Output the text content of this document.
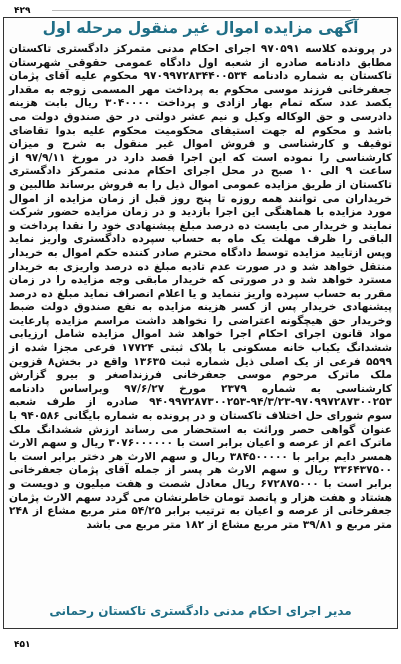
۴۲۹
آگهی مزایده اموال غیر منقول مرحله اول
در پرونده کلاسه ۹۷۰۵۹۱ اجرای احکام مدنی متمرکز دادگستری تاکستان مطابق دادنامه صادره از شعبه اول دادگاه عمومی حقوقی شهرستان تاکستان به شماره دادنامه ۹۷۰۹۹۷۲۸۳۴۴۰۰۵۳۴ محکوم علیه آقای پژمان جعفرخانی فرزند موسی محکوم به پرداخت مهر المسمی زوجه به مقدار یکصد عدد سکه تمام بهار ازادی و پرداخت ۳۰۴۰۰۰۰ ریال بابت هزینه دادرسی و حق الوکاله وکیل و نیم عشر دولتی در حق صندوق دولت می باشد و محکوم له جهت استیفای محکومیت محکوم علیه بدوا تقاضای توقیف و کارشناسی و فروش اموال غیر منقول به شرح و میزان کارشناسی را نموده است که این اجرا قصد دارد در مورخ ۹۷/۹/۱۱ از ساعت ۹ الی ۱۰ صبح در محل اجرای احکام مدنی متمرکز دادگستری تاکستان از طریق مزایده عمومی اموال ذیل را به فروش برساند طالبین و خریداران می توانند همه روزه تا پنج روز قبل از زمان مزایده از اموال مورد مزایده با هماهنگی این اجرا بازدید و در زمان مزایده حضور شرکت نمایند و خریدار می بایست ده درصد مبلغ پیشنهادی خود را نقدا پرداخت و الباقی را ظرف مهلت یک ماه به حساب سپرده دادگستری واریز نماید وپس ازتایید مزایده توسط دادگاه محترم صادر کننده حکم اموال به خریدار منتقل خواهد شد و در صورت عدم تادیه مبلغ ده درصد واریزی به خریدار مسترد خواهد شد و در صورتی که خریدار مابقی وجه مزایده را در زمان مقرر به حساب سپرده واریز ننماید و یا اعلام انصراف نماید مبلغ ده درصد پیشنهادی خریدار پس از کسر هزینه مزایده به نفع صندوق دولت ضبط وخریدار حق هیچگونه اعتراضی را نخواهد داشت مراسم مزایده پارعایت مواد قانون اجرای احکام اجرا خواهد شد اموال مزایده شامل ارزیابی ششدانگ یکباب خانه مسکونی با پلاک ثبتی ۱۷۷۲۴ فرعی مجزا شده از ۵۵۹۹ فرعی از یک اصلی ذیل شماره ثبت ۱۳۶۳۵ واقع در بخش۸ قزوین ملک ماترک مرحوم موسی جعفرخانی فرزنداصغر و بیرو گزارش کارشناسی به شماره ۲۳۷۹ مورخ ۹۷/۶/۲۷ وبراساس دادنامه ۹۷۰۹۹۷۲۸۷۳۰۰۲۵۳-۹۴/۳/۲۳-۹۴۰۹۹۷۲۸۷۳۰۰۲۵۳ صادره از طرف شعبه سوم شورای حل اختلاف تاکستان و در پرونده به شماره بایگانی ۹۴۰۵۸۶ با عنوان گواهی حصر وراثت به استحضار می رساند ارزش ششدانگ ملک ماترک اعم از عرصه و اعیان برابر است با ۳۰۷۶۰۰۰۰۰۰ ریال و سهم الارث همسر دایم برابر با ۳۸۴۵۰۰۰۰۰ ریال و سهم الارث هر دختر برابر است با ۳۳۶۴۳۷۵۰۰ ریال و سهم الارث هر پسر از جمله آقای پژمان جعفرخانی برابر است با ۶۷۲۸۷۵۰۰۰ ریال معادل شصت و هفت میلیون و دویست و هشتاد و هفت هزار و پانصد تومان خاطرنشان می گردد سهم الارث پژمان جعفرخانی از عرصه و اعیان به ترتیب برابر ۵۴/۲۵ متر مربع مشاع از ۲۴۸ متر مربع و ۳۹/۸۱ متر مربع مشاع از ۱۸۲ متر مربع می باشد
مدیر اجرای احکام مدنی دادگستری تاکستان رحمانی
۴۵۱
